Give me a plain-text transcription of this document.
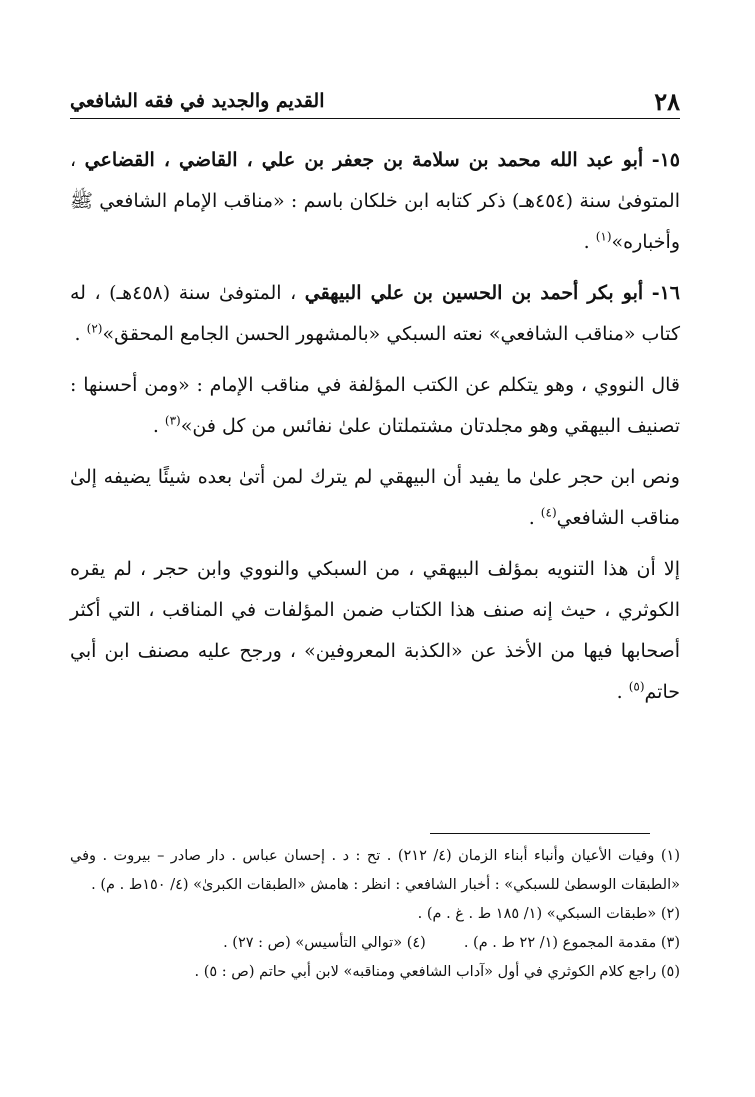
٢٨
القديم والجديد في فقه الشافعي

١٥- أبو عبد الله محمد بن سلامة بن جعفر بن علي ، القاضي ، القضاعي ، المتوفىٰ سنة (٤٥٤هـ) ذكر كتابه ابن خلكان باسم : «مناقب الإمام الشافعي ﷺ وأخباره»$^{(١)}$ .

١٦- أبو بكر أحمد بن الحسين بن علي البيهقي ، المتوفىٰ سنة (٤٥٨هـ) ، له كتاب «مناقب الشافعي» نعته السبكي «بالمشهور الحسن الجامع المحقق»$^{(٢)}$ .

قال النووي ، وهو يتكلم عن الكتب المؤلفة في مناقب الإمام : «ومن أحسنها : تصنيف البيهقي وهو مجلدتان مشتملتان علىٰ نفائس من كل فن»$^{(٣)}$ .

ونص ابن حجر علىٰ ما يفيد أن البيهقي لم يترك لمن أتىٰ بعده شيئًا يضيفه إلىٰ مناقب الشافعي$^{(٤)}$ .

إلا أن هذا التنويه بمؤلف البيهقي ، من السبكي والنووي وابن حجر ، لم يقره الكوثري ، حيث إنه صنف هذا الكتاب ضمن المؤلفات في المناقب ، التي أكثر أصحابها فيها من الأخذ عن «الكذبة المعروفين» ، ورجح عليه مصنف ابن أبي حاتم$^{(٥)}$ .

(١) وفيات الأعيان وأنباء أبناء الزمان (٤/ ٢١٢) . تح : د . إحسان عباس . دار صادر – بيروت . وفي «الطبقات الوسطىٰ للسبكي» : أخبار الشافعي : انظر : هامش «الطبقات الكبرىٰ» (٤/ ١٥٠ط . م) .

(٢) «طبقات السبكي» (١/ ١٨٥ ط . غ . م) .

(٣) مقدمة المجموع (١/ ٢٢ ط . م) .

(٤) «توالي التأسيس» (ص : ٢٧) .

(٥) راجع كلام الكوثري في أول «آداب الشافعي ومناقبه» لابن أبي حاتم (ص : ٥) .
